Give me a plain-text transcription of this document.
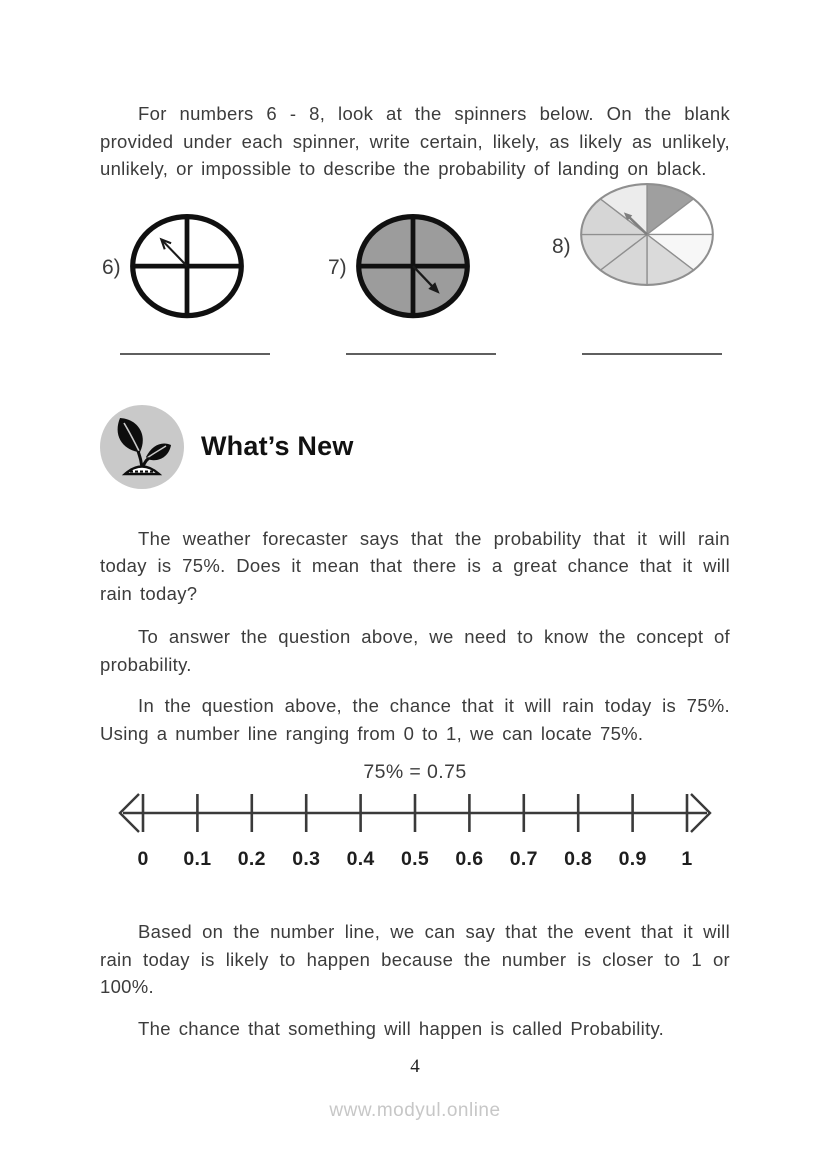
For numbers 6 - 8, look at the spinners below. On the blank provided under each spinner, write certain, likely, as likely as unlikely, unlikely, or impossible to describe the probability of landing on black.

6)	7)
8)
What’s New

The weather forecaster says that the probability that it will rain today is 75%. Does it mean that there is a great chance that it will rain today?

To answer the question above, we need to know the concept of probability.

In the question above, the chance that it will rain today is 75%. Using a number line ranging from 0 to 1, we can locate 75%.

75% = 0.75
0 0.1 0.2 0.3 0.4 0.5 0.6 0.7 0.8 0.9 1

Based on the number line, we can say that the event that it will rain today is likely to happen because the number is closer to 1 or 100%.

The chance that something will happen is called Probability.

4
www.modyul.online
